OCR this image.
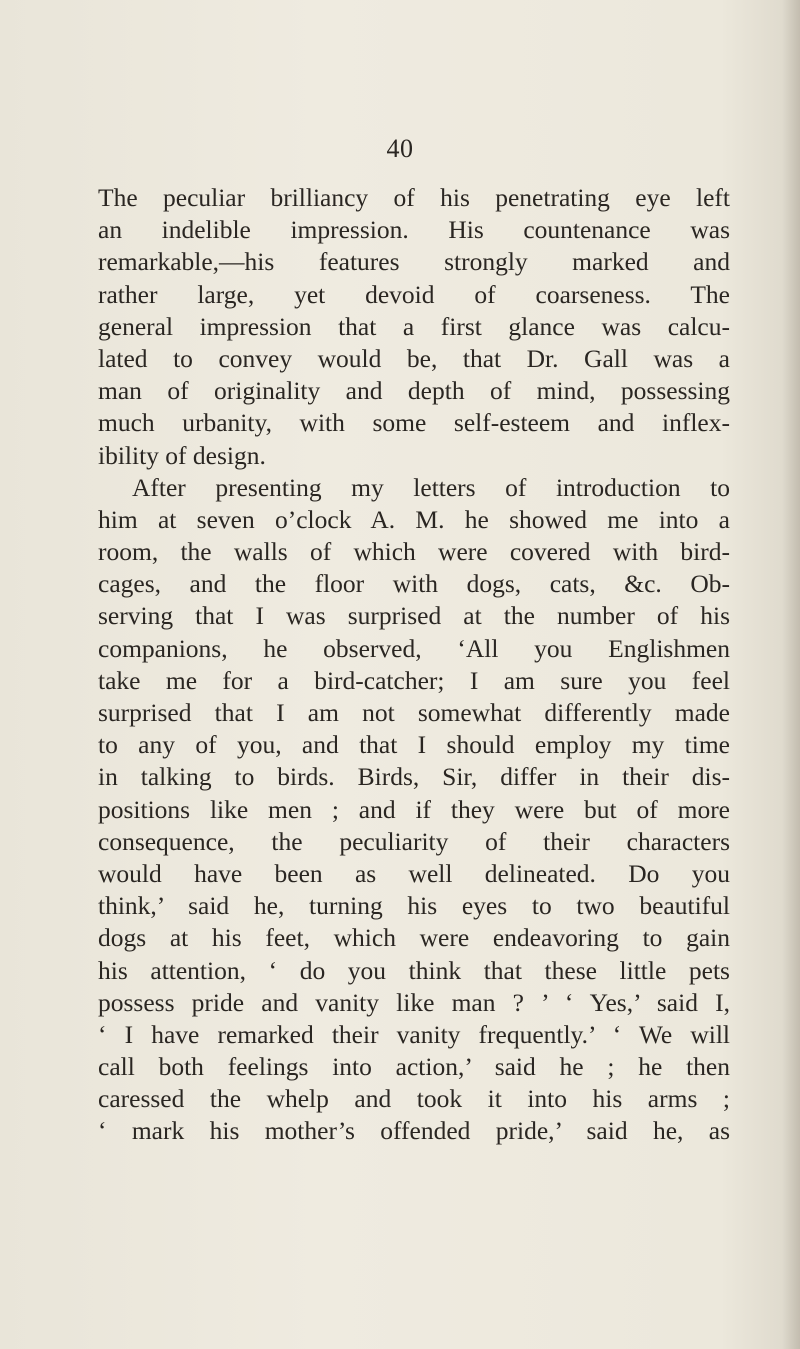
40
The peculiar brilliancy of his penetrating eye left
an indelible impression. His countenance was
remarkable,—his features strongly marked and
rather large, yet devoid of coarseness. The
general impression that a first glance was calcu-
lated to convey would be, that Dr. Gall was a
man of originality and depth of mind, possessing
much urbanity, with some self-esteem and inflex-
ibility of design.
After presenting my letters of introduction to
him at seven o’clock A. M. he showed me into a
room, the walls of which were covered with bird-
cages, and the floor with dogs, cats, &c. Ob-
serving that I was surprised at the number of his
companions, he observed, ‘All you Englishmen
take me for a bird-catcher; I am sure you feel
surprised that I am not somewhat differently made
to any of you, and that I should employ my time
in talking to birds. Birds, Sir, differ in their dis-
positions like men ; and if they were but of more
consequence, the peculiarity of their characters
would have been as well delineated. Do you
think,’ said he, turning his eyes to two beautiful
dogs at his feet, which were endeavoring to gain
his attention, ‘ do you think that these little pets
possess pride and vanity like man ? ’ ‘ Yes,’ said I,
‘ I have remarked their vanity frequently.’ ‘ We will
call both feelings into action,’ said he ; he then
caressed the whelp and took it into his arms ;
‘ mark his mother’s offended pride,’ said he, as
